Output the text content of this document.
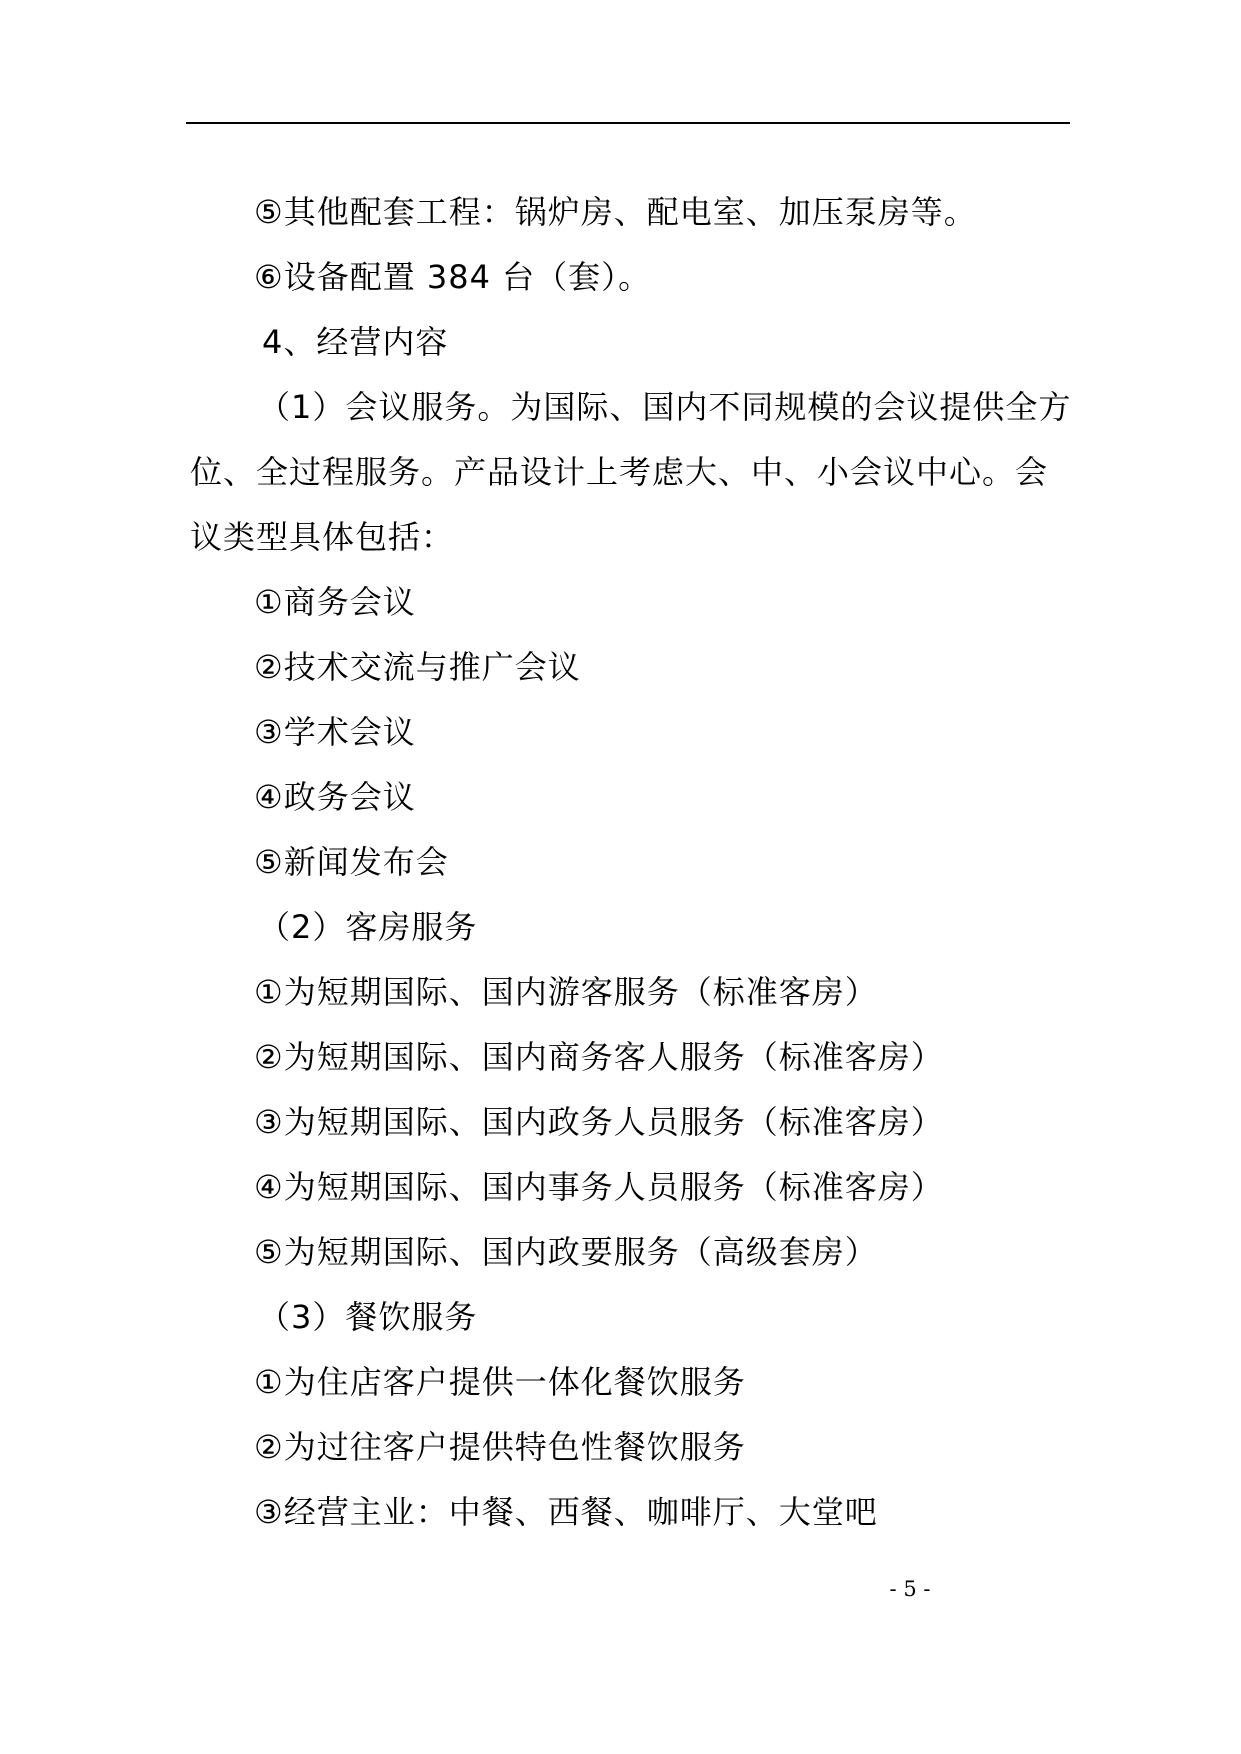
⑤其他配套工程：锅炉房、配电室、加压泵房等。
⑥设备配置 384 台（套）。
4、经营内容
（1）会议服务。为国际、国内不同规模的会议提供全方
位、全过程服务。产品设计上考虑大、中、小会议中心。会
议类型具体包括：
①商务会议
②技术交流与推广会议
③学术会议
④政务会议
⑤新闻发布会
（2）客房服务
①为短期国际、国内游客服务（标准客房）
②为短期国际、国内商务客人服务（标准客房）
③为短期国际、国内政务人员服务（标准客房）
④为短期国际、国内事务人员服务（标准客房）
⑤为短期国际、国内政要服务（高级套房）
（3）餐饮服务
①为住店客户提供一体化餐饮服务
②为过往客户提供特色性餐饮服务
③经营主业：中餐、西餐、咖啡厅、大堂吧
- 5 -
